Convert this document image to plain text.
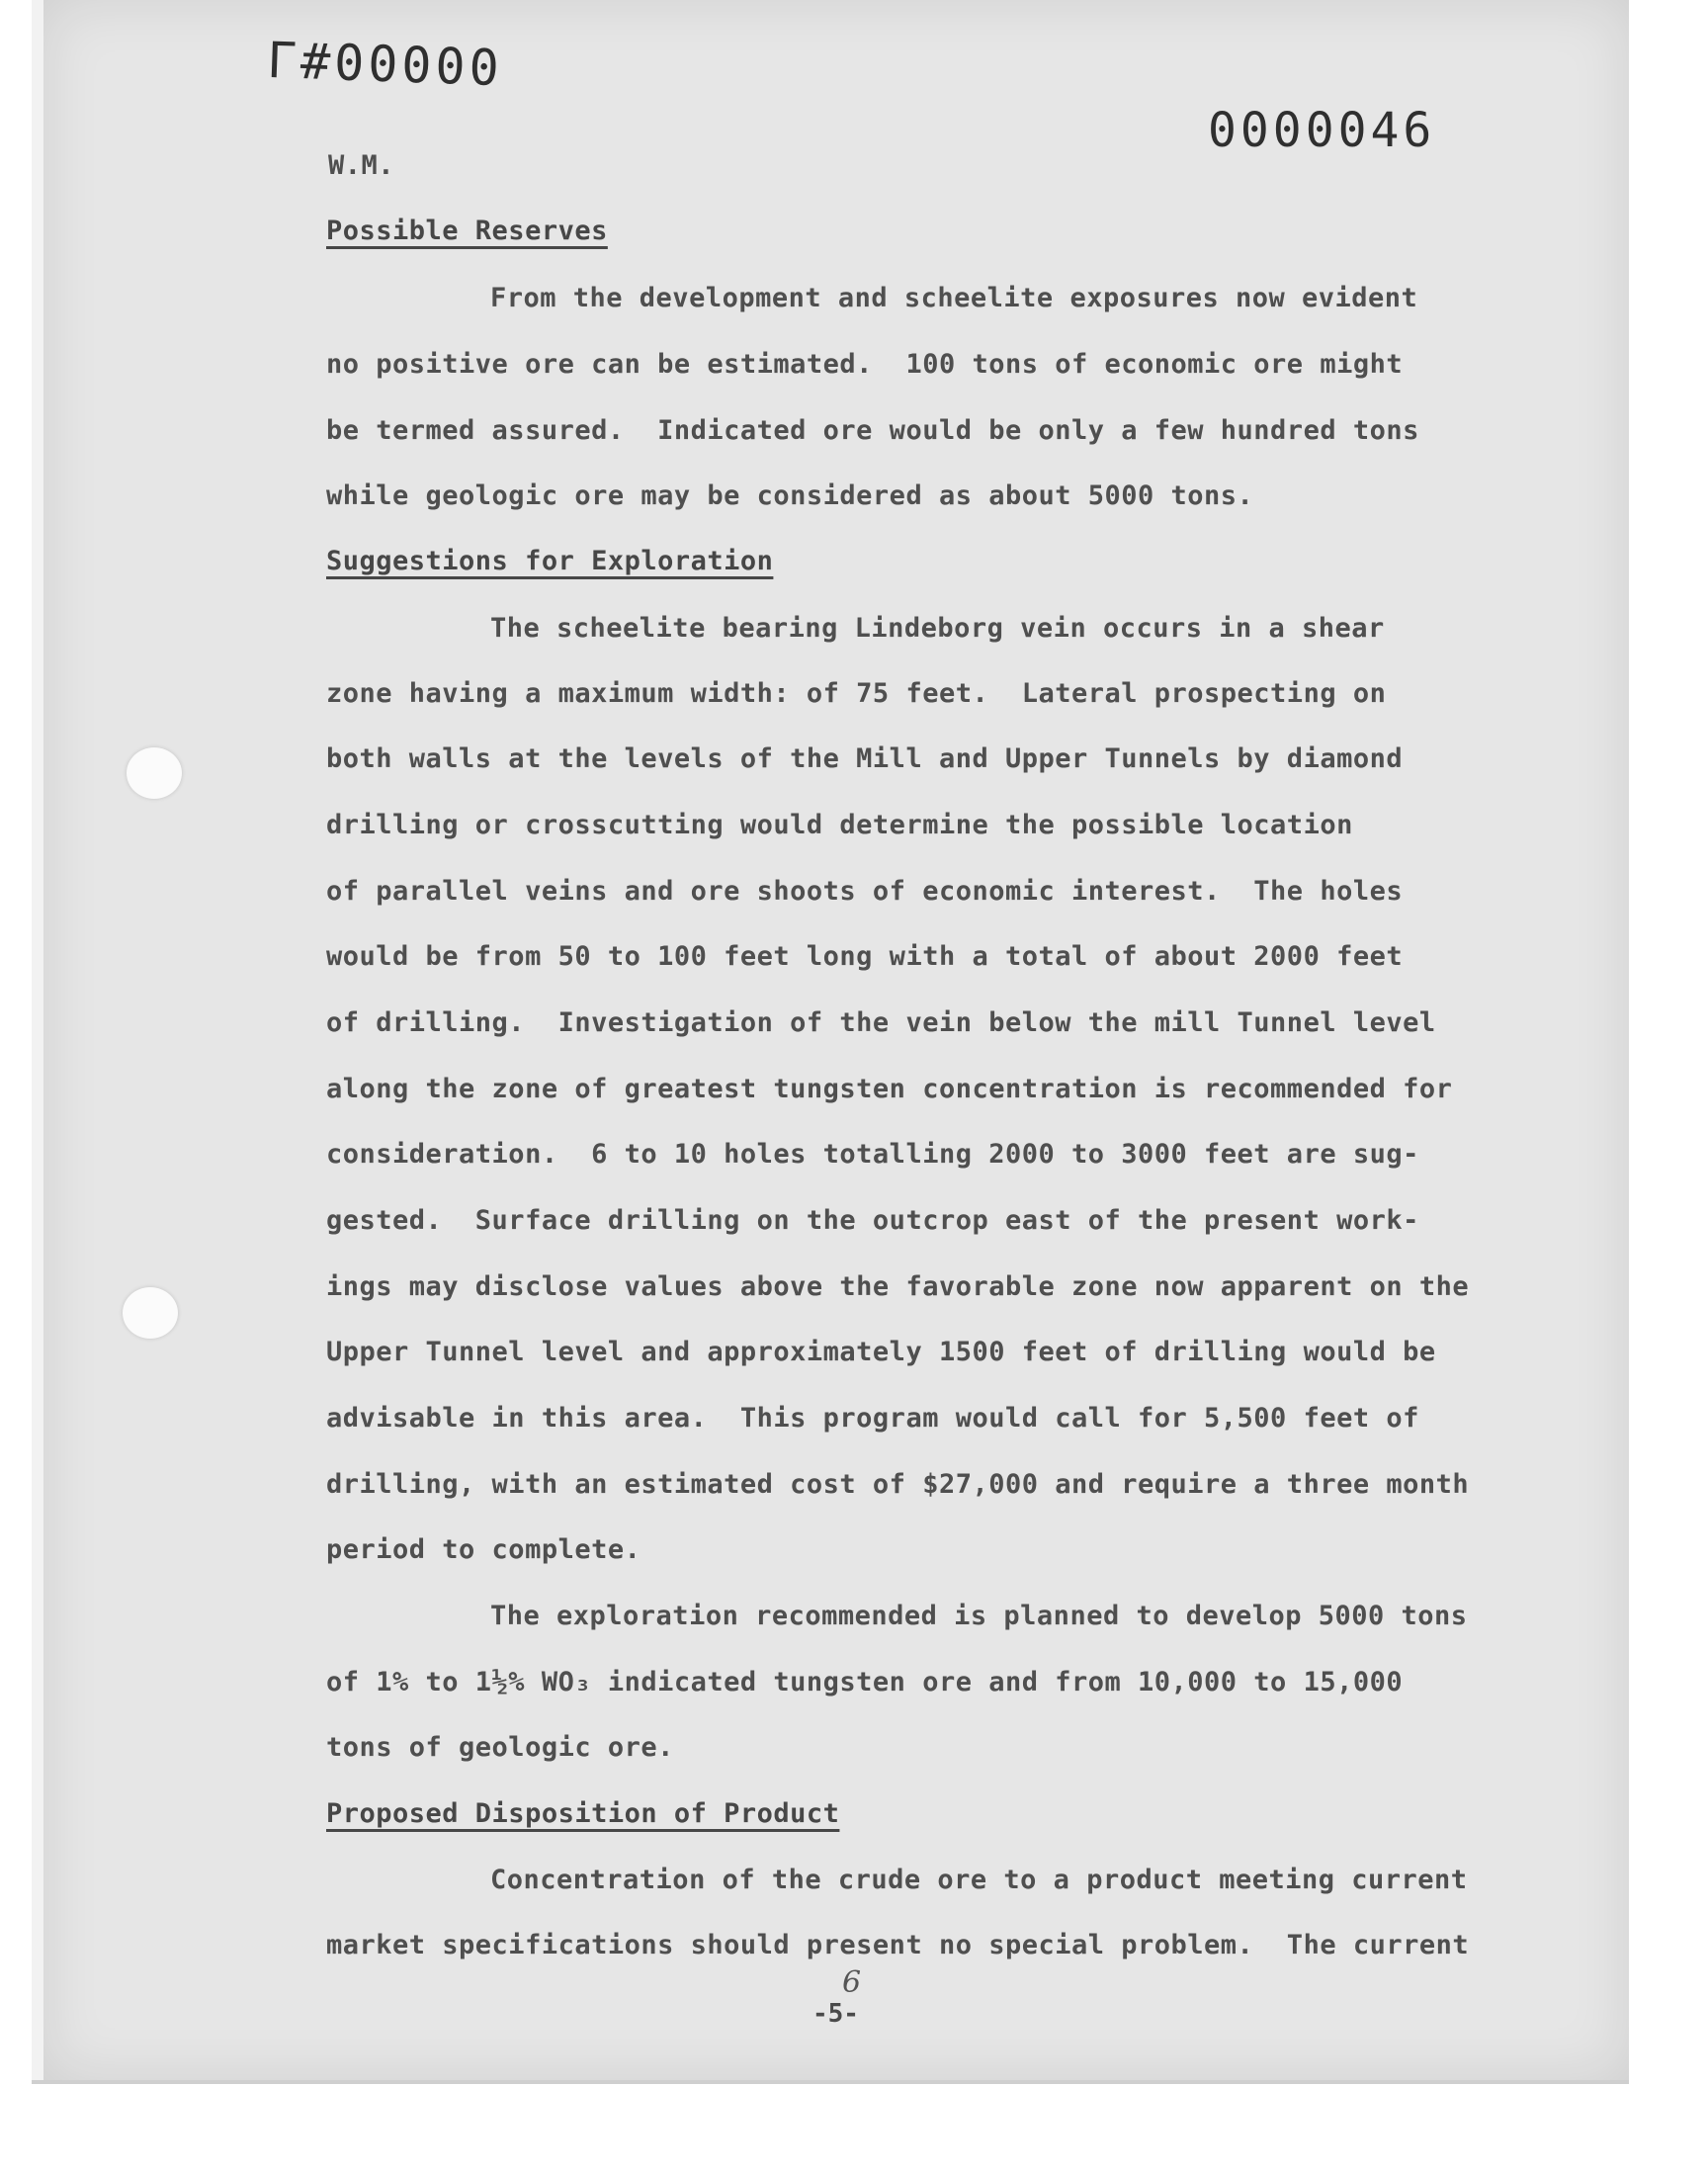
Γ#00000
0000046
W.M.
Possible Reserves
From the development and scheelite exposures now evident
no positive ore can be estimated.  100 tons of economic ore might
be termed assured.  Indicated ore would be only a few hundred tons
while geologic ore may be considered as about 5000 tons.
Suggestions for Exploration
The scheelite bearing Lindeborg vein occurs in a shear
zone having a maximum width: of 75 feet.  Lateral prospecting on
both walls at the levels of the Mill and Upper Tunnels by diamond
drilling or crosscutting would determine the possible location
of parallel veins and ore shoots of economic interest.  The holes
would be from 50 to 100 feet long with a total of about 2000 feet
of drilling.  Investigation of the vein below the mill Tunnel level
along the zone of greatest tungsten concentration is recommended for
consideration.  6 to 10 holes totalling 2000 to 3000 feet are sug-
gested.  Surface drilling on the outcrop east of the present work-
ings may disclose values above the favorable zone now apparent on the
Upper Tunnel level and approximately 1500 feet of drilling would be
advisable in this area.  This program would call for 5,500 feet of
drilling, with an estimated cost of $27,000 and require a three month
period to complete.
The exploration recommended is planned to develop 5000 tons
of 1% to 1½% WO₃ indicated tungsten ore and from 10,000 to 15,000
tons of geologic ore.
Proposed Disposition of Product
Concentration of the crude ore to a product meeting current
market specifications should present no special problem.  The current
6
-5-
